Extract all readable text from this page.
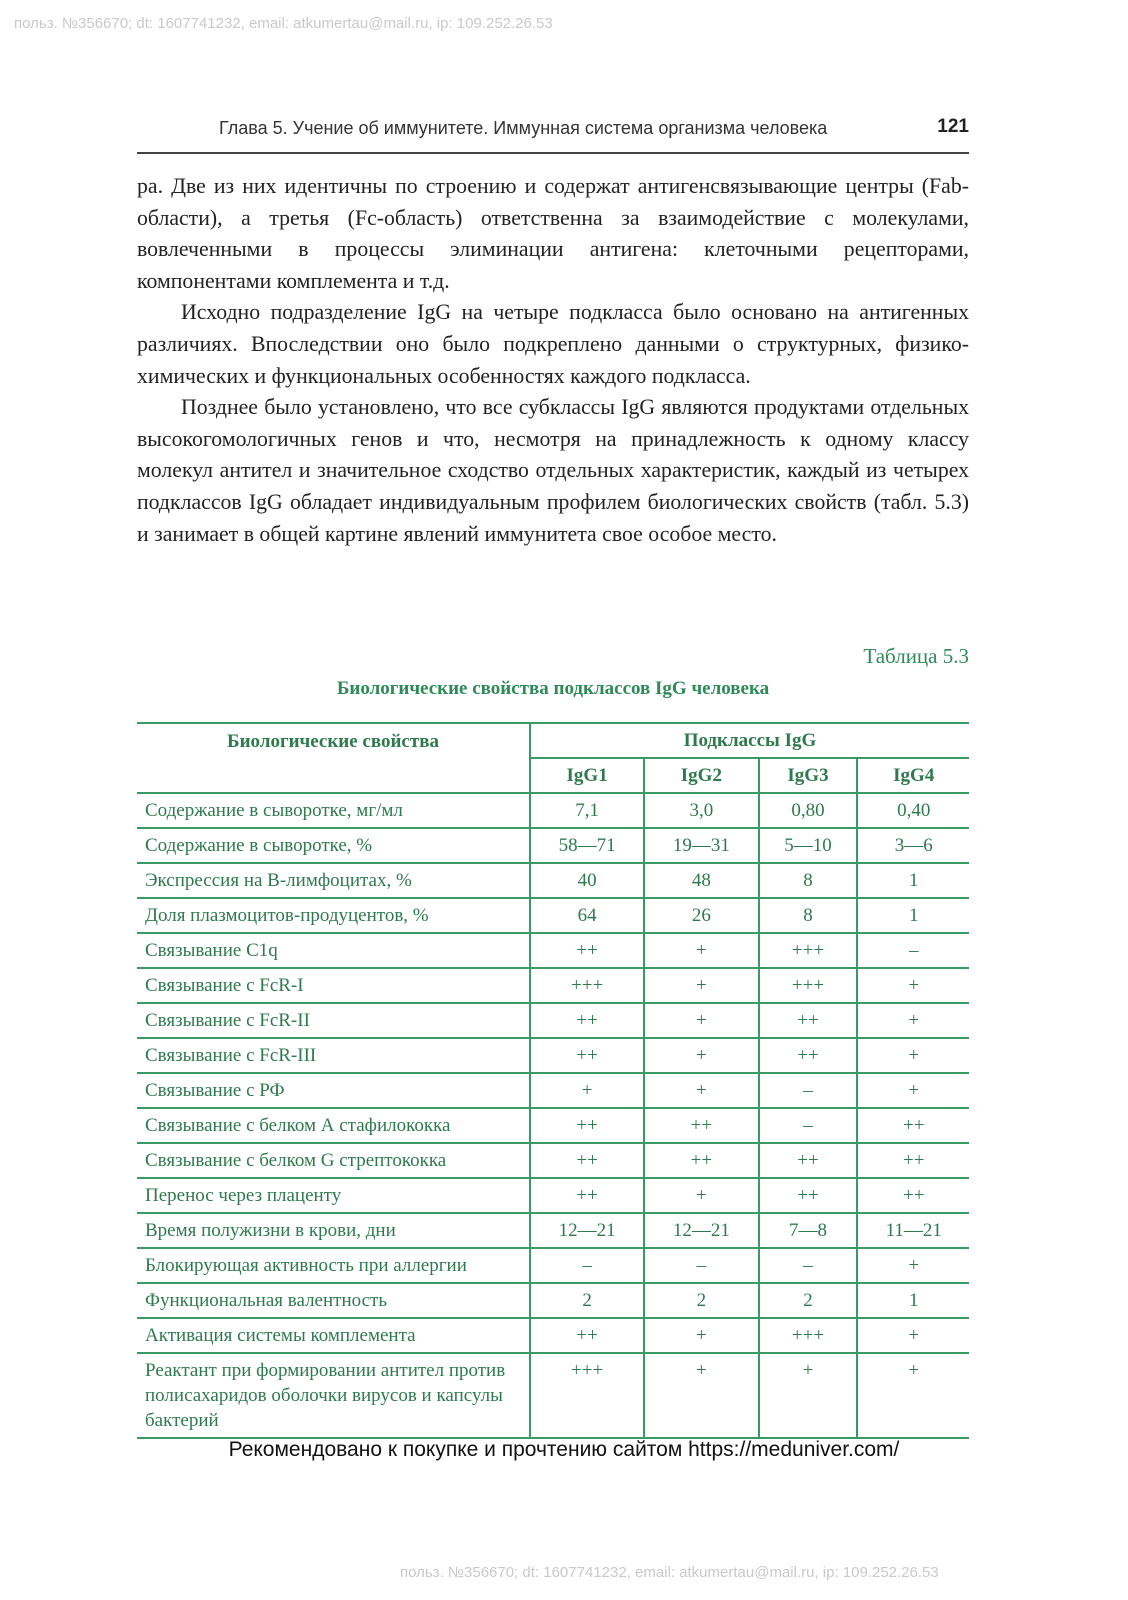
польз. №356670; dt: 1607741232, email: atkumertau@mail.ru, ip: 109.252.26.53
Глава 5. Учение об иммунитете. Иммунная система организма человека	121

ра. Две из них идентичны по строению и содержат антигенсвязывающие центры (Fab-области), а третья (Fc-область) ответственна за взаимодействие с молекулами, вовлеченными в процессы элиминации антигена: клеточными рецепторами, компонентами комплемента и т.д.

Исходно подразделение IgG на четыре подкласса было основано на антигенных различиях. Впоследствии оно было подкреплено данными о структурных, физико-химических и функциональных особенностях каждого подкласса.

Позднее было установлено, что все субклассы IgG являются продуктами отдельных высокогомологичных генов и что, несмотря на принадлежность к одному классу молекул антител и значительное сходство отдельных характеристик, каждый из четырех подклассов IgG обладает индивидуальным профилем биологических свойств (табл. 5.3) и занимает в общей картине явлений иммунитета свое особое место.

Таблица 5.3
Биологические свойства подклассов IgG человека
Биологические свойства	Подклассы IgG			
	IgG1	IgG2	IgG3	IgG4
Содержание в сыворотке, мг/мл	7,1	3,0	0,80	0,40
Содержание в сыворотке, %	58—71	19—31	5—10	3—6
Экспрессия на В-лимфоцитах, %	40	48	8	1
Доля плазмоцитов-продуцентов, %	64	26	8	1
Связывание C1q	++	+	+++	–
Связывание с FcR-I	+++	+	+++	+
Связывание с FcR-II	++	+	++	+
Связывание с FcR-III	++	+	++	+
Связывание с РФ	+	+	–	+
Связывание с белком А стафилококка	++	++	–	++
Связывание с белком G стрептококка	++	++	++	++
Перенос через плаценту	++	+	++	++
Время полужизни в крови, дни	12—21	12—21	7—8	11—21
Блокирующая активность при аллергии	–	–	–	+
Функциональная валентность	2	2	2	1
Активация системы комплемента	++	+	+++	+
Реактант при формировании антител против полисахаридов оболочки вирусов и капсулы бактерий	+++	+	+	+
Рекомендовано к покупке и прочтению сайтом https://meduniver.com/
польз. №356670; dt: 1607741232, email: atkumertau@mail.ru, ip: 109.252.26.53
